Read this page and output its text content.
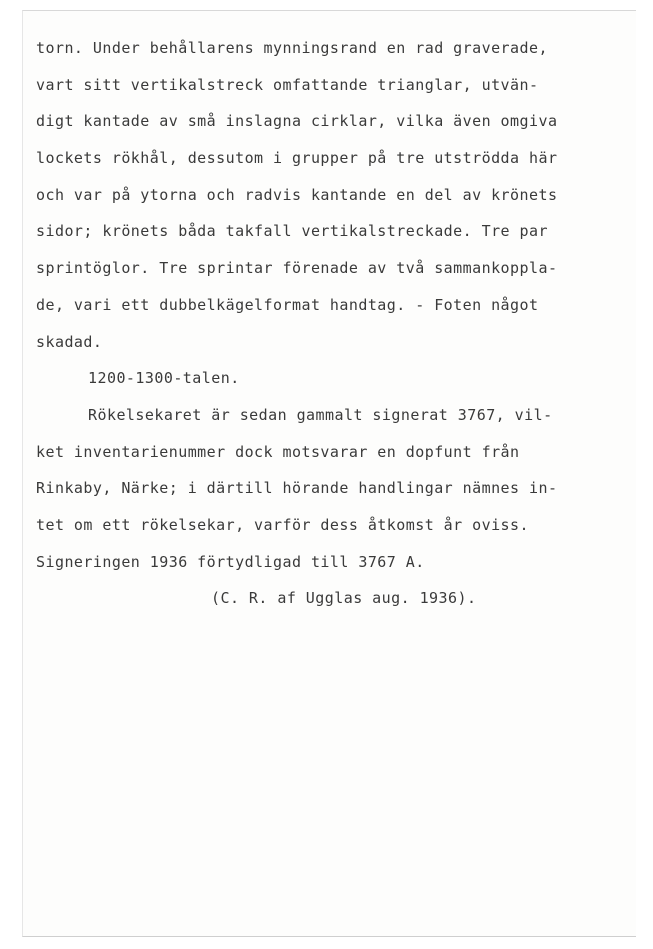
torn. Under behållarens mynningsrand en rad graverade,
vart sitt vertikalstreck omfattande trianglar, utvän-
digt kantade av små inslagna cirklar, vilka även omgiva
lockets rökhål, dessutom i grupper på tre utströdda här
och var på ytorna och radvis kantande en del av krönets
sidor; krönets båda takfall vertikalstreckade. Tre par
sprintöglor. Tre sprintar förenade av två sammankoppla-
de, vari ett dubbelkägelformat handtag. - Foten något
skadad.
1200-1300-talen.
Rökelsekaret är sedan gammalt signerat 3767, vil-
ket inventarienummer dock motsvarar en dopfunt från
Rinkaby, Närke; i därtill hörande handlingar nämnes in-
tet om ett rökelsekar, varför dess åtkomst år oviss.
Signeringen 1936 förtydligad till 3767 A.
(C. R. af Ugglas aug. 1936).
